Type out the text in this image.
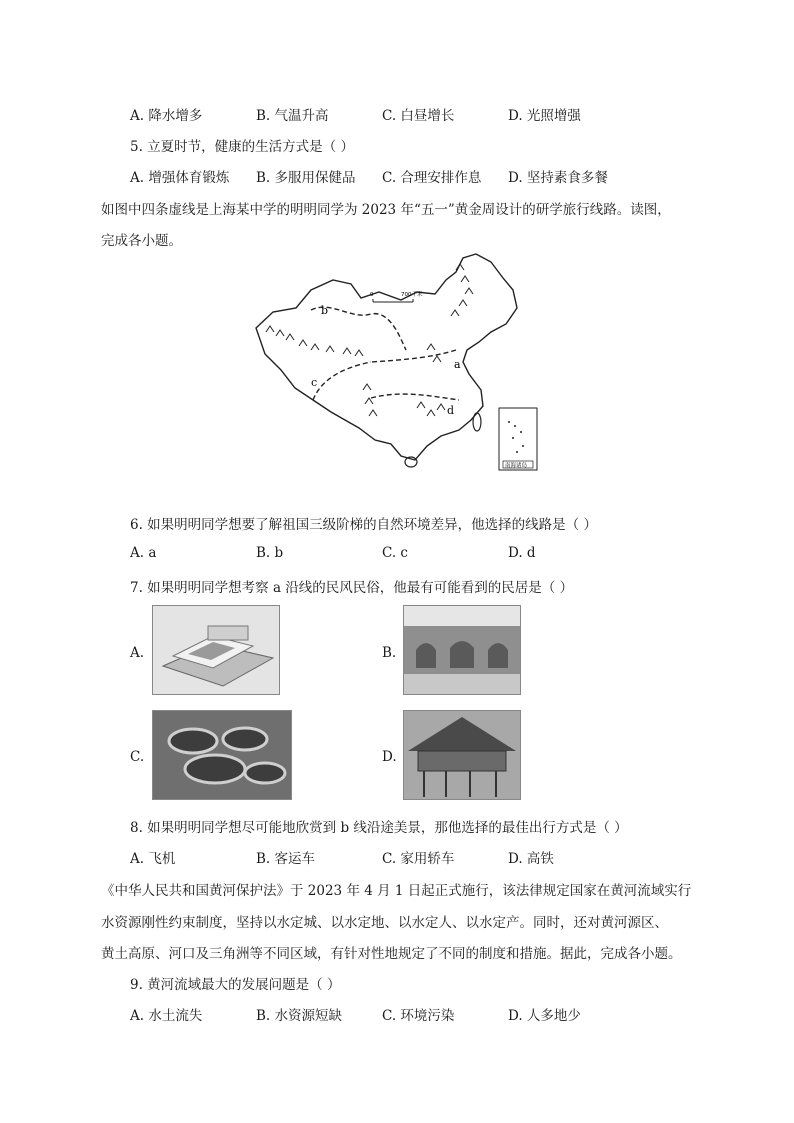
A. 降水增多	B. 气温升高	C. 白昼增长	D. 光照增强
5. 立夏时节，健康的生活方式是（ ）
A. 增强体育锻炼 B. 多服用保健品 C. 合理安排作息 D. 坚持素食多餐
如图中四条虚线是上海某中学的明明同学为 2023 年“五一”黄金周设计的研学旅行线路。读图，
完成各小题。
a
b
c
d
0	700千米
南海诸岛
6. 如果明明同学想要了解祖国三级阶梯的自然环境差异，他选择的线路是（ ）
A. a	B. b	C. c	D. d
7. 如果明明同学想考察 a 沿线的民风民俗，他最有可能看到的民居是（ ）
A.	B.
C.	D.
8. 如果明明同学想尽可能地欣赏到 b 线沿途美景，那他选择的最佳出行方式是（ ）
A. 飞机	B. 客运车	C. 家用轿车	D. 高铁
《中华人民共和国黄河保护法》于 2023 年 4 月 1 日起正式施行，该法律规定国家在黄河流域实行
水资源刚性约束制度，坚持以水定城、以水定地、以水定人、以水定产。同时，还对黄河源区、
黄土高原、河口及三角洲等不同区域，有针对性地规定了不同的制度和措施。据此，完成各小题。
9. 黄河流域最大的发展问题是（ ）
A. 水土流失	B. 水资源短缺	C. 环境污染	D. 人多地少
